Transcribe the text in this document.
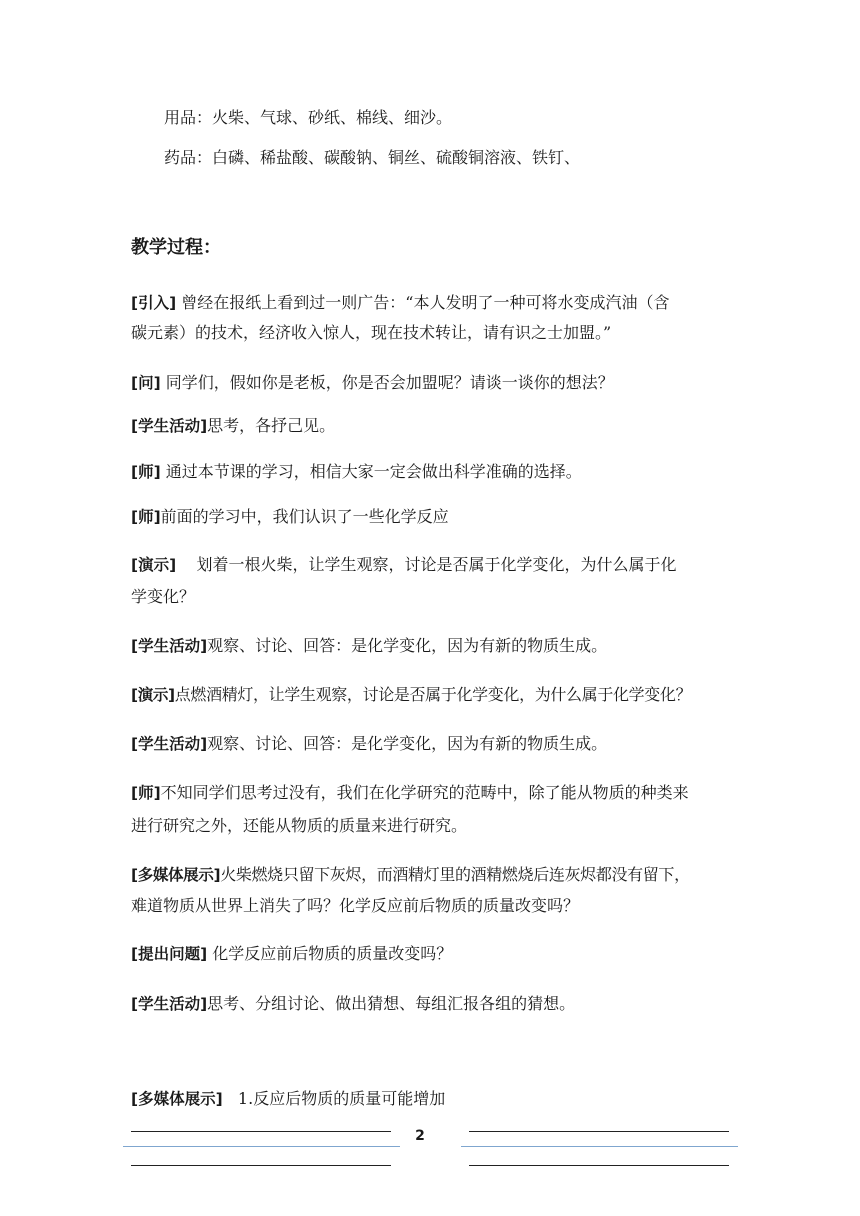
用品：火柴、气球、砂纸、棉线、细沙。
药品：白磷、稀盐酸、碳酸钠、铜丝、硫酸铜溶液、铁钉、
教学过程：
[引入] 曾经在报纸上看到过一则广告：“本人发明了一种可将水变成汽油（含
碳元素）的技术，经济收入惊人，现在技术转让，请有识之士加盟。”
[问] 同学们，假如你是老板，你是否会加盟呢？请谈一谈你的想法？
[学生活动]思考，各抒己见。
[师] 通过本节课的学习，相信大家一定会做出科学准确的选择。
[师]前面的学习中，我们认识了一些化学反应
[演示]    划着一根火柴，让学生观察，讨论是否属于化学变化，为什么属于化
学变化？
[学生活动]观察、讨论、回答：是化学变化，因为有新的物质生成。
[演示]点燃酒精灯，让学生观察，讨论是否属于化学变化，为什么属于化学变化？
[学生活动]观察、讨论、回答：是化学变化，因为有新的物质生成。
[师]不知同学们思考过没有，我们在化学研究的范畴中，除了能从物质的种类来
进行研究之外，还能从物质的质量来进行研究。
[多媒体展示]火柴燃烧只留下灰烬，而酒精灯里的酒精燃烧后连灰烬都没有留下，
难道物质从世界上消失了吗？化学反应前后物质的质量改变吗？
[提出问题] 化学反应前后物质的质量改变吗？
[学生活动]思考、分组讨论、做出猜想、每组汇报各组的猜想。
[多媒体展示]   1.反应后物质的质量可能增加
2
